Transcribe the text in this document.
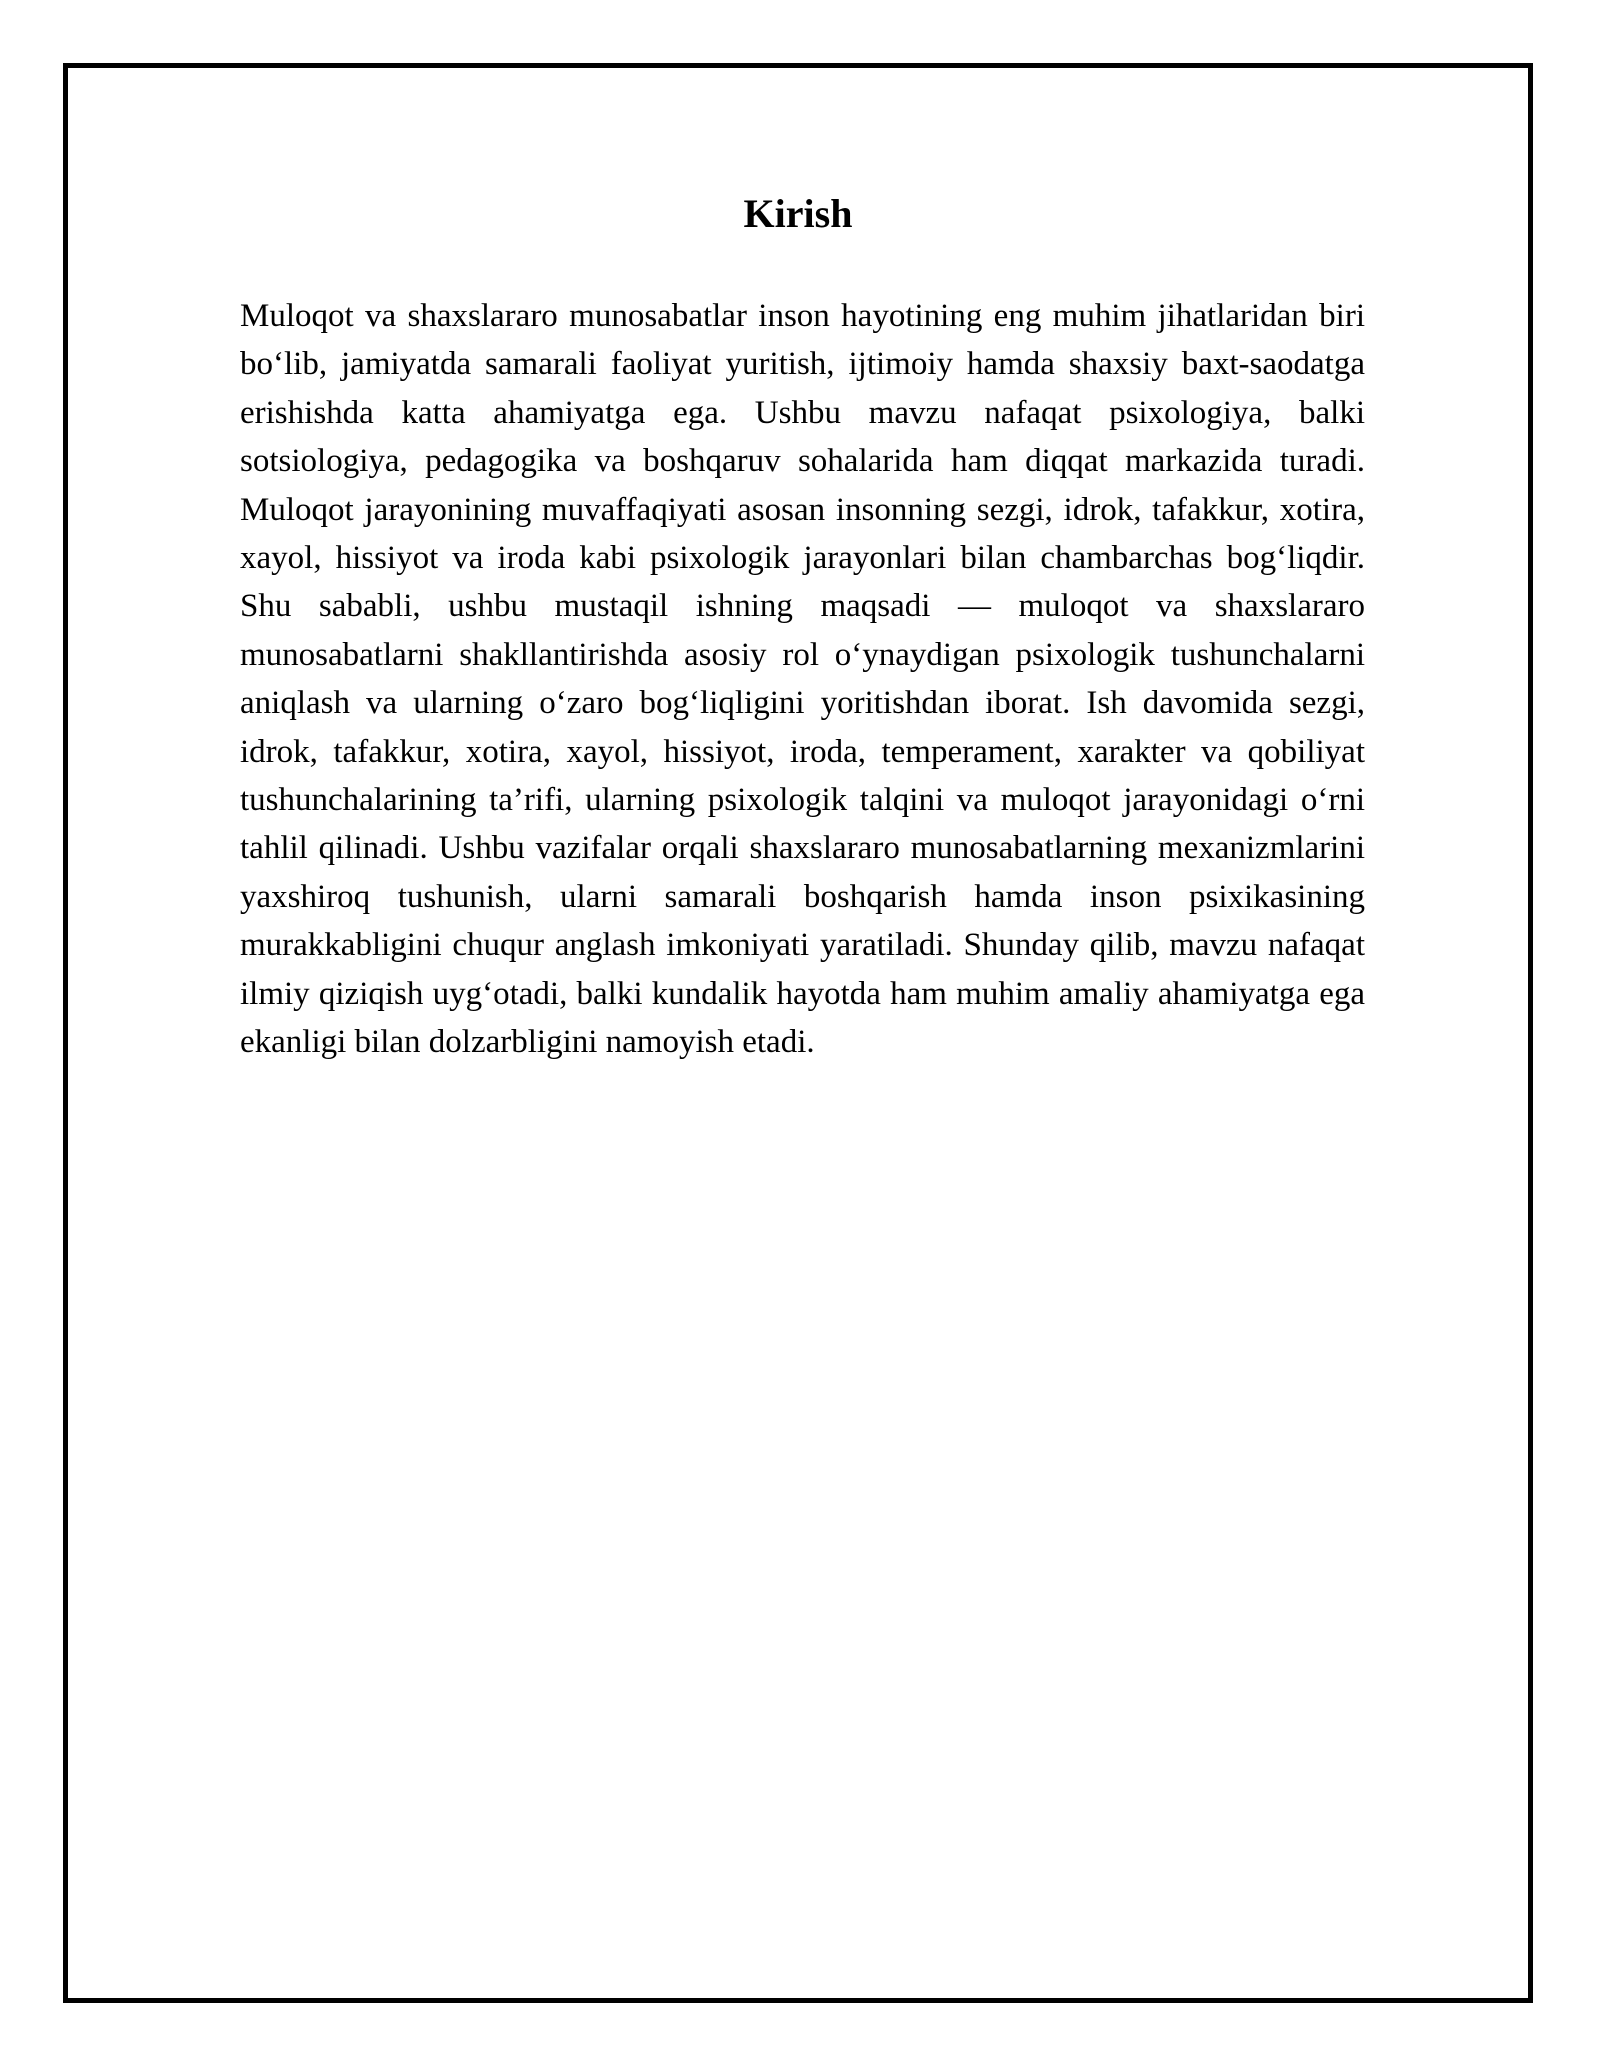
Kirish

Muloqot va shaxslararo munosabatlar inson hayotining eng muhim jihatlaridan biri bo‘lib, jamiyatda samarali faoliyat yuritish, ijtimoiy hamda shaxsiy baxt-saodatga erishishda katta ahamiyatga ega. Ushbu mavzu nafaqat psixologiya, balki sotsiologiya, pedagogika va boshqaruv sohalarida ham diqqat markazida turadi. Muloqot jarayonining muvaffaqiyati asosan insonning sezgi, idrok, tafakkur, xotira, xayol, hissiyot va iroda kabi psixologik jarayonlari bilan chambarchas bog‘liqdir. Shu sababli, ushbu mustaqil ishning maqsadi — muloqot va shaxslararo munosabatlarni shakllantirishda asosiy rol o‘ynaydigan psixologik tushunchalarni aniqlash va ularning o‘zaro bog‘liqligini yoritishdan iborat. Ish davomida sezgi, idrok, tafakkur, xotira, xayol, hissiyot, iroda, temperament, xarakter va qobiliyat tushunchalarining ta’rifi, ularning psixologik talqini va muloqot jarayonidagi o‘rni tahlil qilinadi. Ushbu vazifalar orqali shaxslararo munosabatlarning mexanizmlarini yaxshiroq tushunish, ularni samarali boshqarish hamda inson psixikasining murakkabligini chuqur anglash imkoniyati yaratiladi. Shunday qilib, mavzu nafaqat ilmiy qiziqish uyg‘otadi, balki kundalik hayotda ham muhim amaliy ahamiyatga ega ekanligi bilan dolzarbligini namoyish etadi.
